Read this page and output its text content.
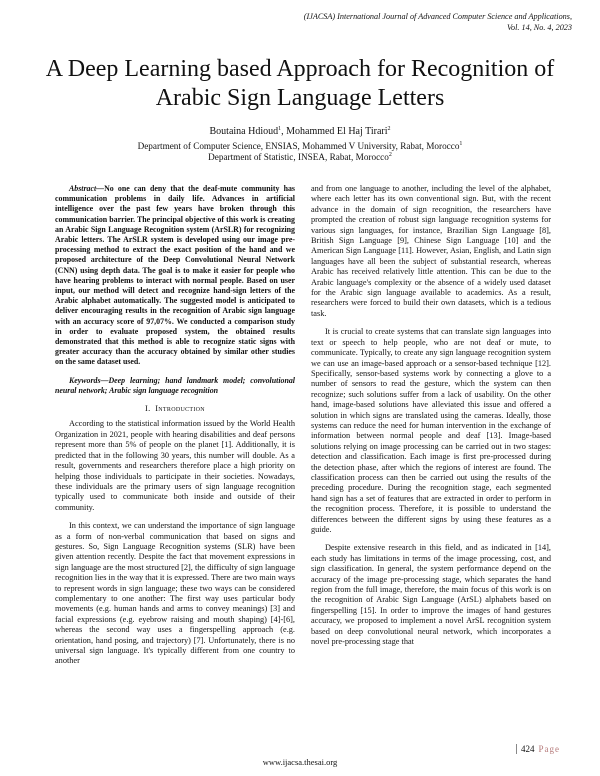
(IJACSA) International Journal of Advanced Computer Science and Applications,
Vol. 14, No. 4, 2023
A Deep Learning based Approach for Recognition of Arabic Sign Language Letters
Boutaina Hdioud$^1$, Mohammed El Haj Tirari$^2$
Department of Computer Science, ENSIAS, Mohammed V University, Rabat, Morocco$^1$
Department of Statistic, INSEA, Rabat, Morocco$^2$

Abstract—No one can deny that the deaf-mute community has communication problems in daily life. Advances in artificial intelligence over the past few years have broken through this communication barrier. The principal objective of this work is creating an Arabic Sign Language Recognition system (ArSLR) for recognizing Arabic letters. The ArSLR system is developed using our image pre-processing method to extract the exact position of the hand and we proposed architecture of the Deep Convolutional Neural Network (CNN) using depth data. The goal is to make it easier for people who have hearing problems to interact with normal people. Based on user input, our method will detect and recognize hand-sign letters of the Arabic alphabet automatically. The suggested model is anticipated to deliver encouraging results in the recognition of Arabic sign language with an accuracy score of 97,07%. We conducted a comparison study in order to evaluate proposed system, the obtained results demonstrated that this method is able to recognize static signs with greater accuracy than the accuracy obtained by similar other studies on the same dataset used.

Keywords—Deep learning; hand landmark model; convolutional neural network; Arabic sign language recognition

I. Introduction

According to the statistical information issued by the World Health Organization in 2021, people with hearing disabilities and deaf persons represent more than 5% of people on the planet [1]. Additionally, it is predicted that in the following 30 years, this number will double. As a result, governments and researchers therefore place a high priority on helping those individuals to participate in their societies. Nowadays, these individuals are the primary users of sign language recognition typically used to communicate both inside and outside of their community.

In this context, we can understand the importance of sign language as a form of non-verbal communication that based on signs and gestures. So, Sign Language Recognition systems (SLR) have been given attention recently. Despite the fact that movement expressions in sign language are the most structured [2], the difficulty of sign language recognition lies in the way that it is expressed. There are two main ways to represent words in sign language; these two ways can be considered complementary to one another: The first way uses particular body movements (e.g. human hands and arms to convey meanings) [3] and facial expressions (e.g. eyebrow raising and mouth shaping) [4]-[6], whereas the second way uses a fingerspelling approach (e.g. orientation, hand posing, and trajectory) [7]. Unfortunately, there is no universal sign language. It's typically different from one country to another

and from one language to another, including the level of the alphabet, where each letter has its own conventional sign. But, with the recent advance in the domain of sign recognition, the researchers have prompted the creation of robust sign language recognition systems for various sign languages, for instance, Brazilian Sign Language [8], British Sign Language [9], Chinese Sign Language [10] and the American Sign Language [11]. However, Asian, English, and Latin sign languages have all been the subject of substantial research, whereas Arabic has received relatively little attention. This can be due to the Arabic language's complexity or the absence of a widely used dataset for the Arabic sign language available to academics. As a result, researchers were forced to build their own datasets, which is a tedious task.

It is crucial to create systems that can translate sign languages into text or speech to help people, who are not deaf or mute, to communicate. Typically, to create any sign language recognition system we can use an image-based approach or a sensor-based technique [12]. Specifically, sensor-based systems work by connecting a glove to a number of sensors to read the gesture, which the system can then recognize; such solutions suffer from a lack of usability. On the other hand, image-based solutions have alleviated this issue and offered a solution in which signs are translated using the cameras. Ideally, those systems can reduce the need for human intervention in the exchange of information between normal people and deaf [13]. Image-based solutions relying on image processing can be carried out in two stages: detection and classification. Each image is first pre-processed during the detection phase, after which the regions of interest are found. The classification process can then be carried out using the results of the preceding procedure. During the recognition stage, each segmented hand sign has a set of features that are extracted in order to perform in the recognition process. Therefore, it is possible to understand the differences between the different signs by using these features as a guide.

Despite extensive research in this field, and as indicated in [14], each study has limitations in terms of the image processing, cost, and sign classification. In general, the system performance depend on the accuracy of the image pre-processing stage, which separates the hand region from the full image, therefore, the main focus of this work is on the recognition of Arabic Sign Language (ArSL) alphabets based on fingerspelling [15]. In order to improve the images of hand gestures accuracy, we proposed to implement a novel ArSL recognition system based on deep convolutional neural network, which incorporates a novel pre-processing stage that

424 Page
www.ijacsa.thesai.org
